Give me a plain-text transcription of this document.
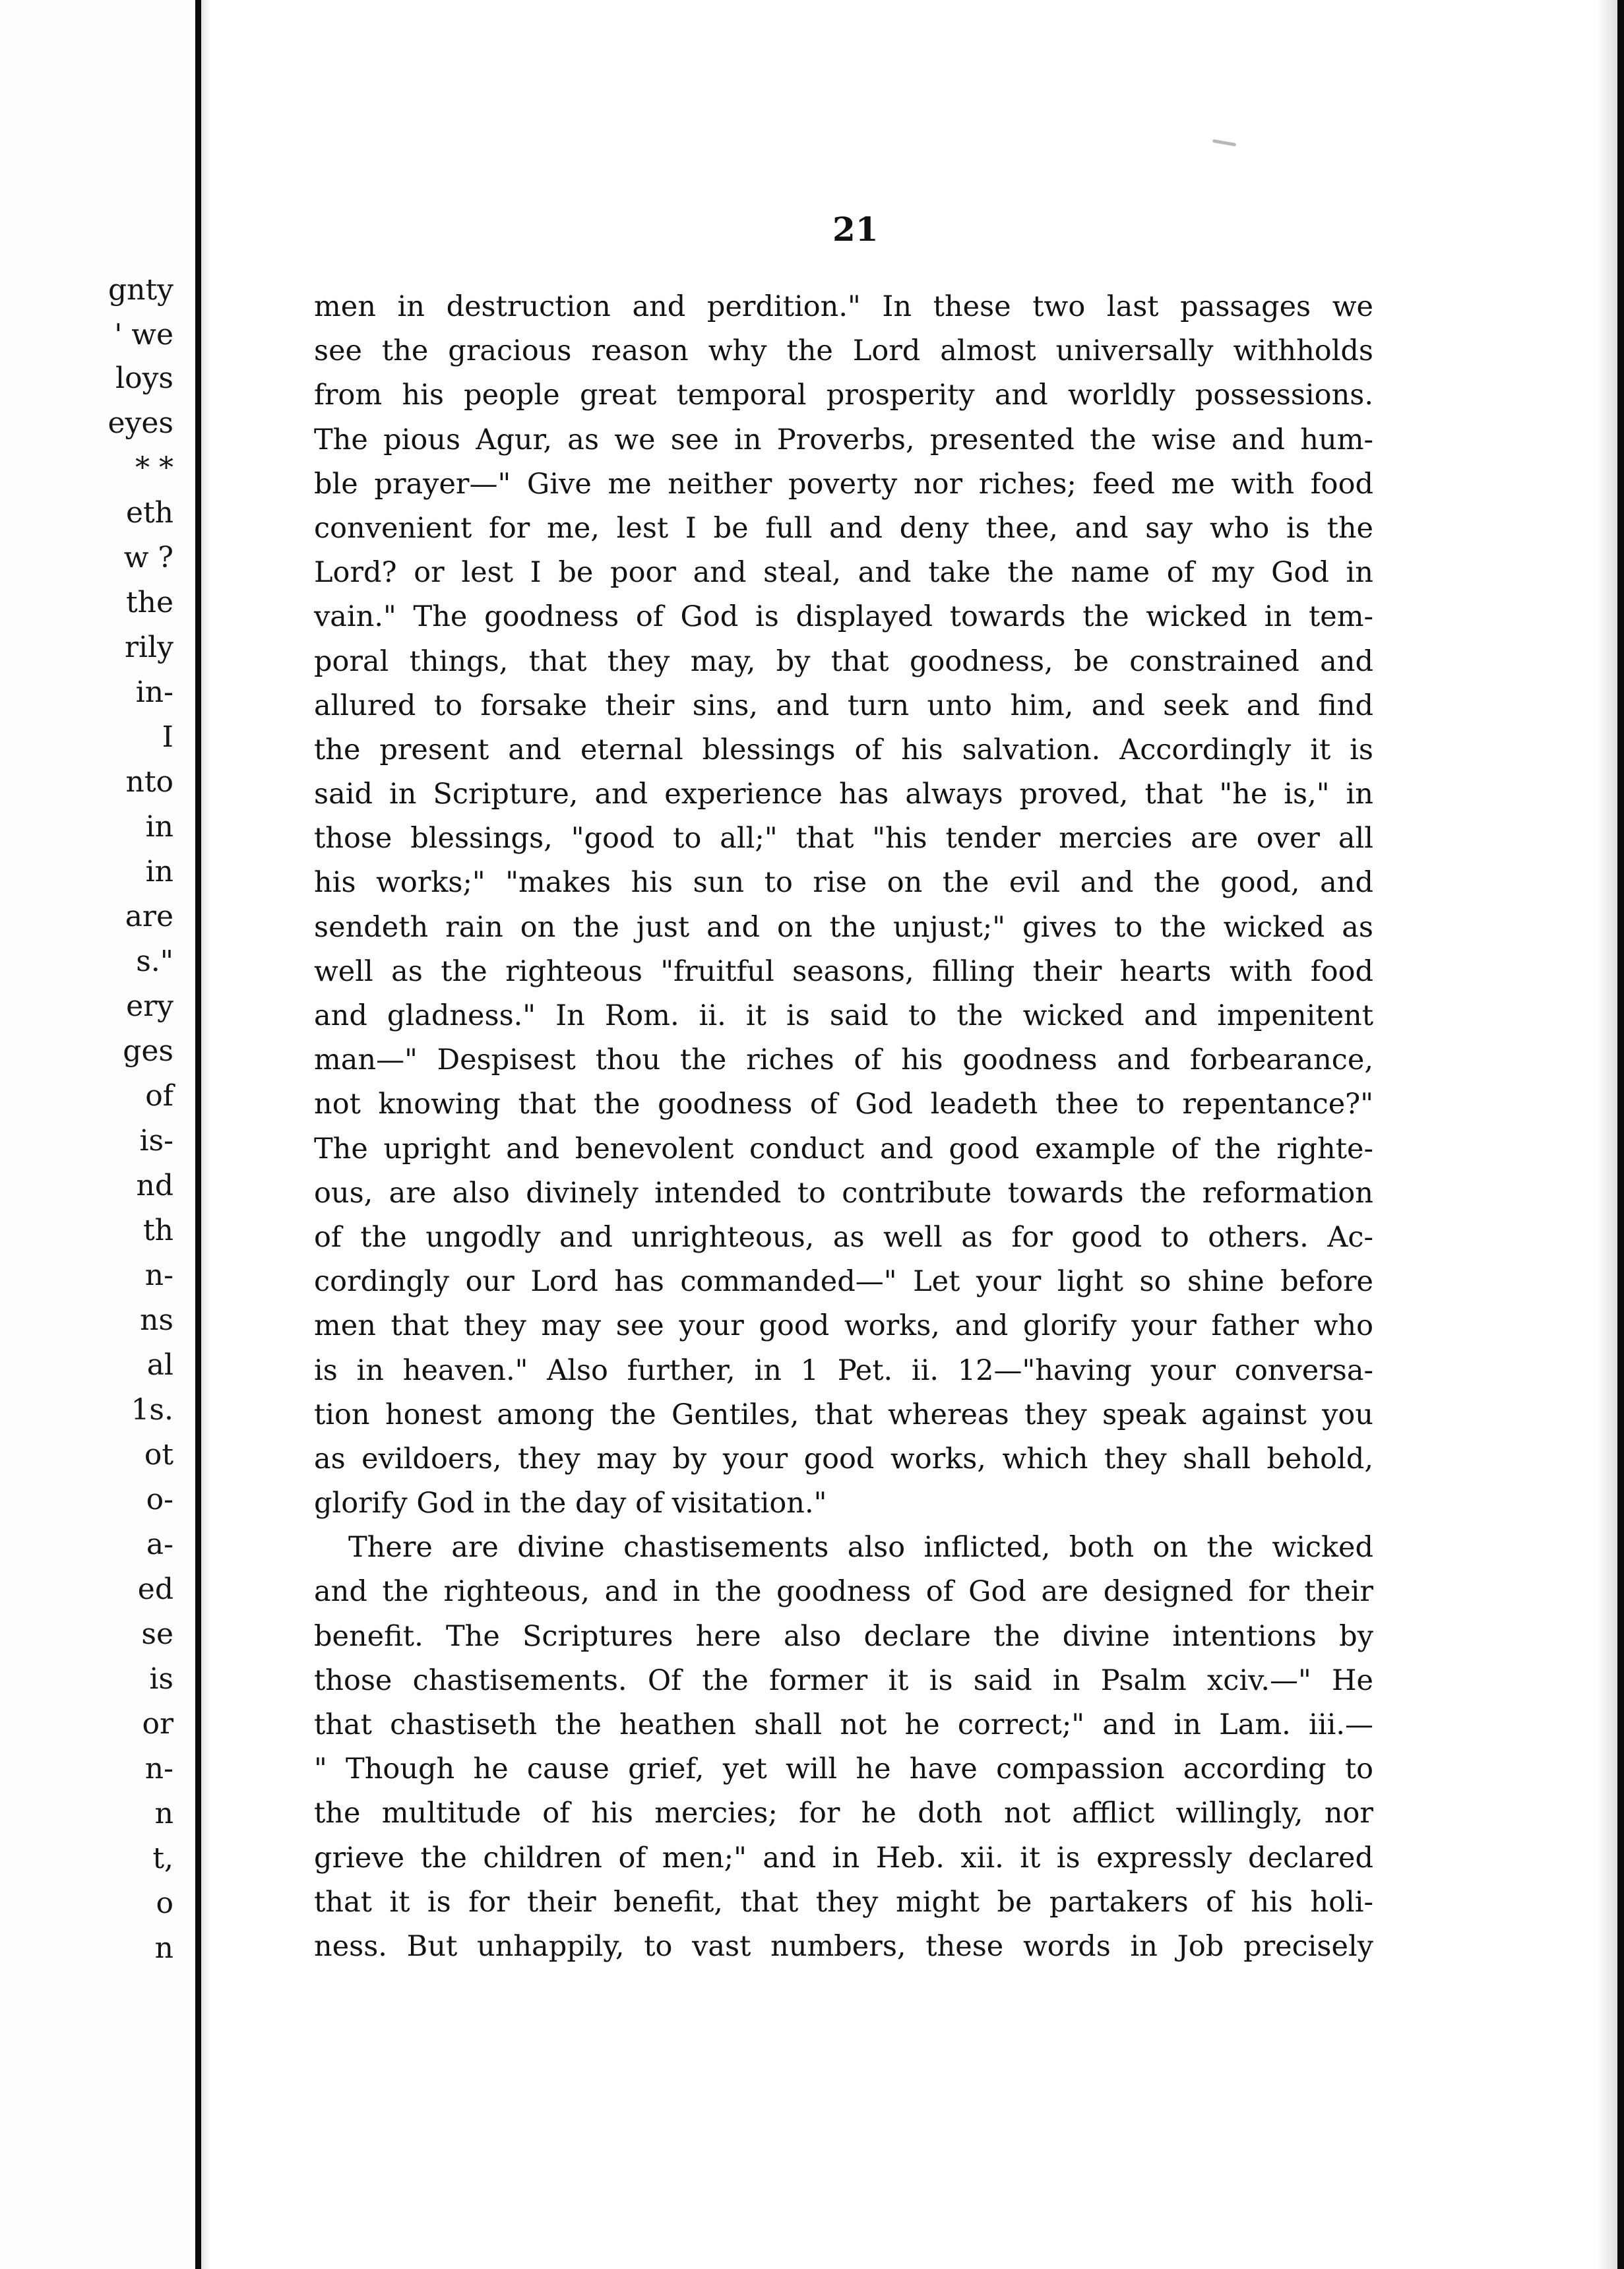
gnty
' we
loys
eyes
* *
eth
w ?
the
rily
in-
I
nto
in
in
are
s."
ery
ges
of
is-
nd
th
n-
ns
al
1s.
ot
o-
a-
ed
se
is
or
n-
n
t,
o
n
21
men in destruction and perdition." In these two last passages we
see the gracious reason why the Lord almost universally withholds
from his people great temporal prosperity and worldly possessions.
The pious Agur, as we see in Proverbs, presented the wise and hum-
ble prayer—" Give me neither poverty nor riches; feed me with food
convenient for me, lest I be full and deny thee, and say who is the
Lord? or lest I be poor and steal, and take the name of my God in
vain." The goodness of God is displayed towards the wicked in tem-
poral things, that they may, by that goodness, be constrained and
allured to forsake their sins, and turn unto him, and seek and find
the present and eternal blessings of his salvation. Accordingly it is
said in Scripture, and experience has always proved, that "he is," in
those blessings, "good to all;" that "his tender mercies are over all
his works;" "makes his sun to rise on the evil and the good, and
sendeth rain on the just and on the unjust;" gives to the wicked as
well as the righteous "fruitful seasons, filling their hearts with food
and gladness." In Rom. ii. it is said to the wicked and impenitent
man—" Despisest thou the riches of his goodness and forbearance,
not knowing that the goodness of God leadeth thee to repentance?"
The upright and benevolent conduct and good example of the righte-
ous, are also divinely intended to contribute towards the reformation
of the ungodly and unrighteous, as well as for good to others. Ac-
cordingly our Lord has commanded—" Let your light so shine before
men that they may see your good works, and glorify your father who
is in heaven." Also further, in 1 Pet. ii. 12—"having your conversa-
tion honest among the Gentiles, that whereas they speak against you
as evildoers, they may by your good works, which they shall behold,
glorify God in the day of visitation."
There are divine chastisements also inflicted, both on the wicked
and the righteous, and in the goodness of God are designed for their
benefit. The Scriptures here also declare the divine intentions by
those chastisements. Of the former it is said in Psalm xciv.—" He
that chastiseth the heathen shall not he correct;" and in Lam. iii.—
" Though he cause grief, yet will he have compassion according to
the multitude of his mercies; for he doth not afflict willingly, nor
grieve the children of men;" and in Heb. xii. it is expressly declared
that it is for their benefit, that they might be partakers of his holi-
ness. But unhappily, to vast numbers, these words in Job precisely
